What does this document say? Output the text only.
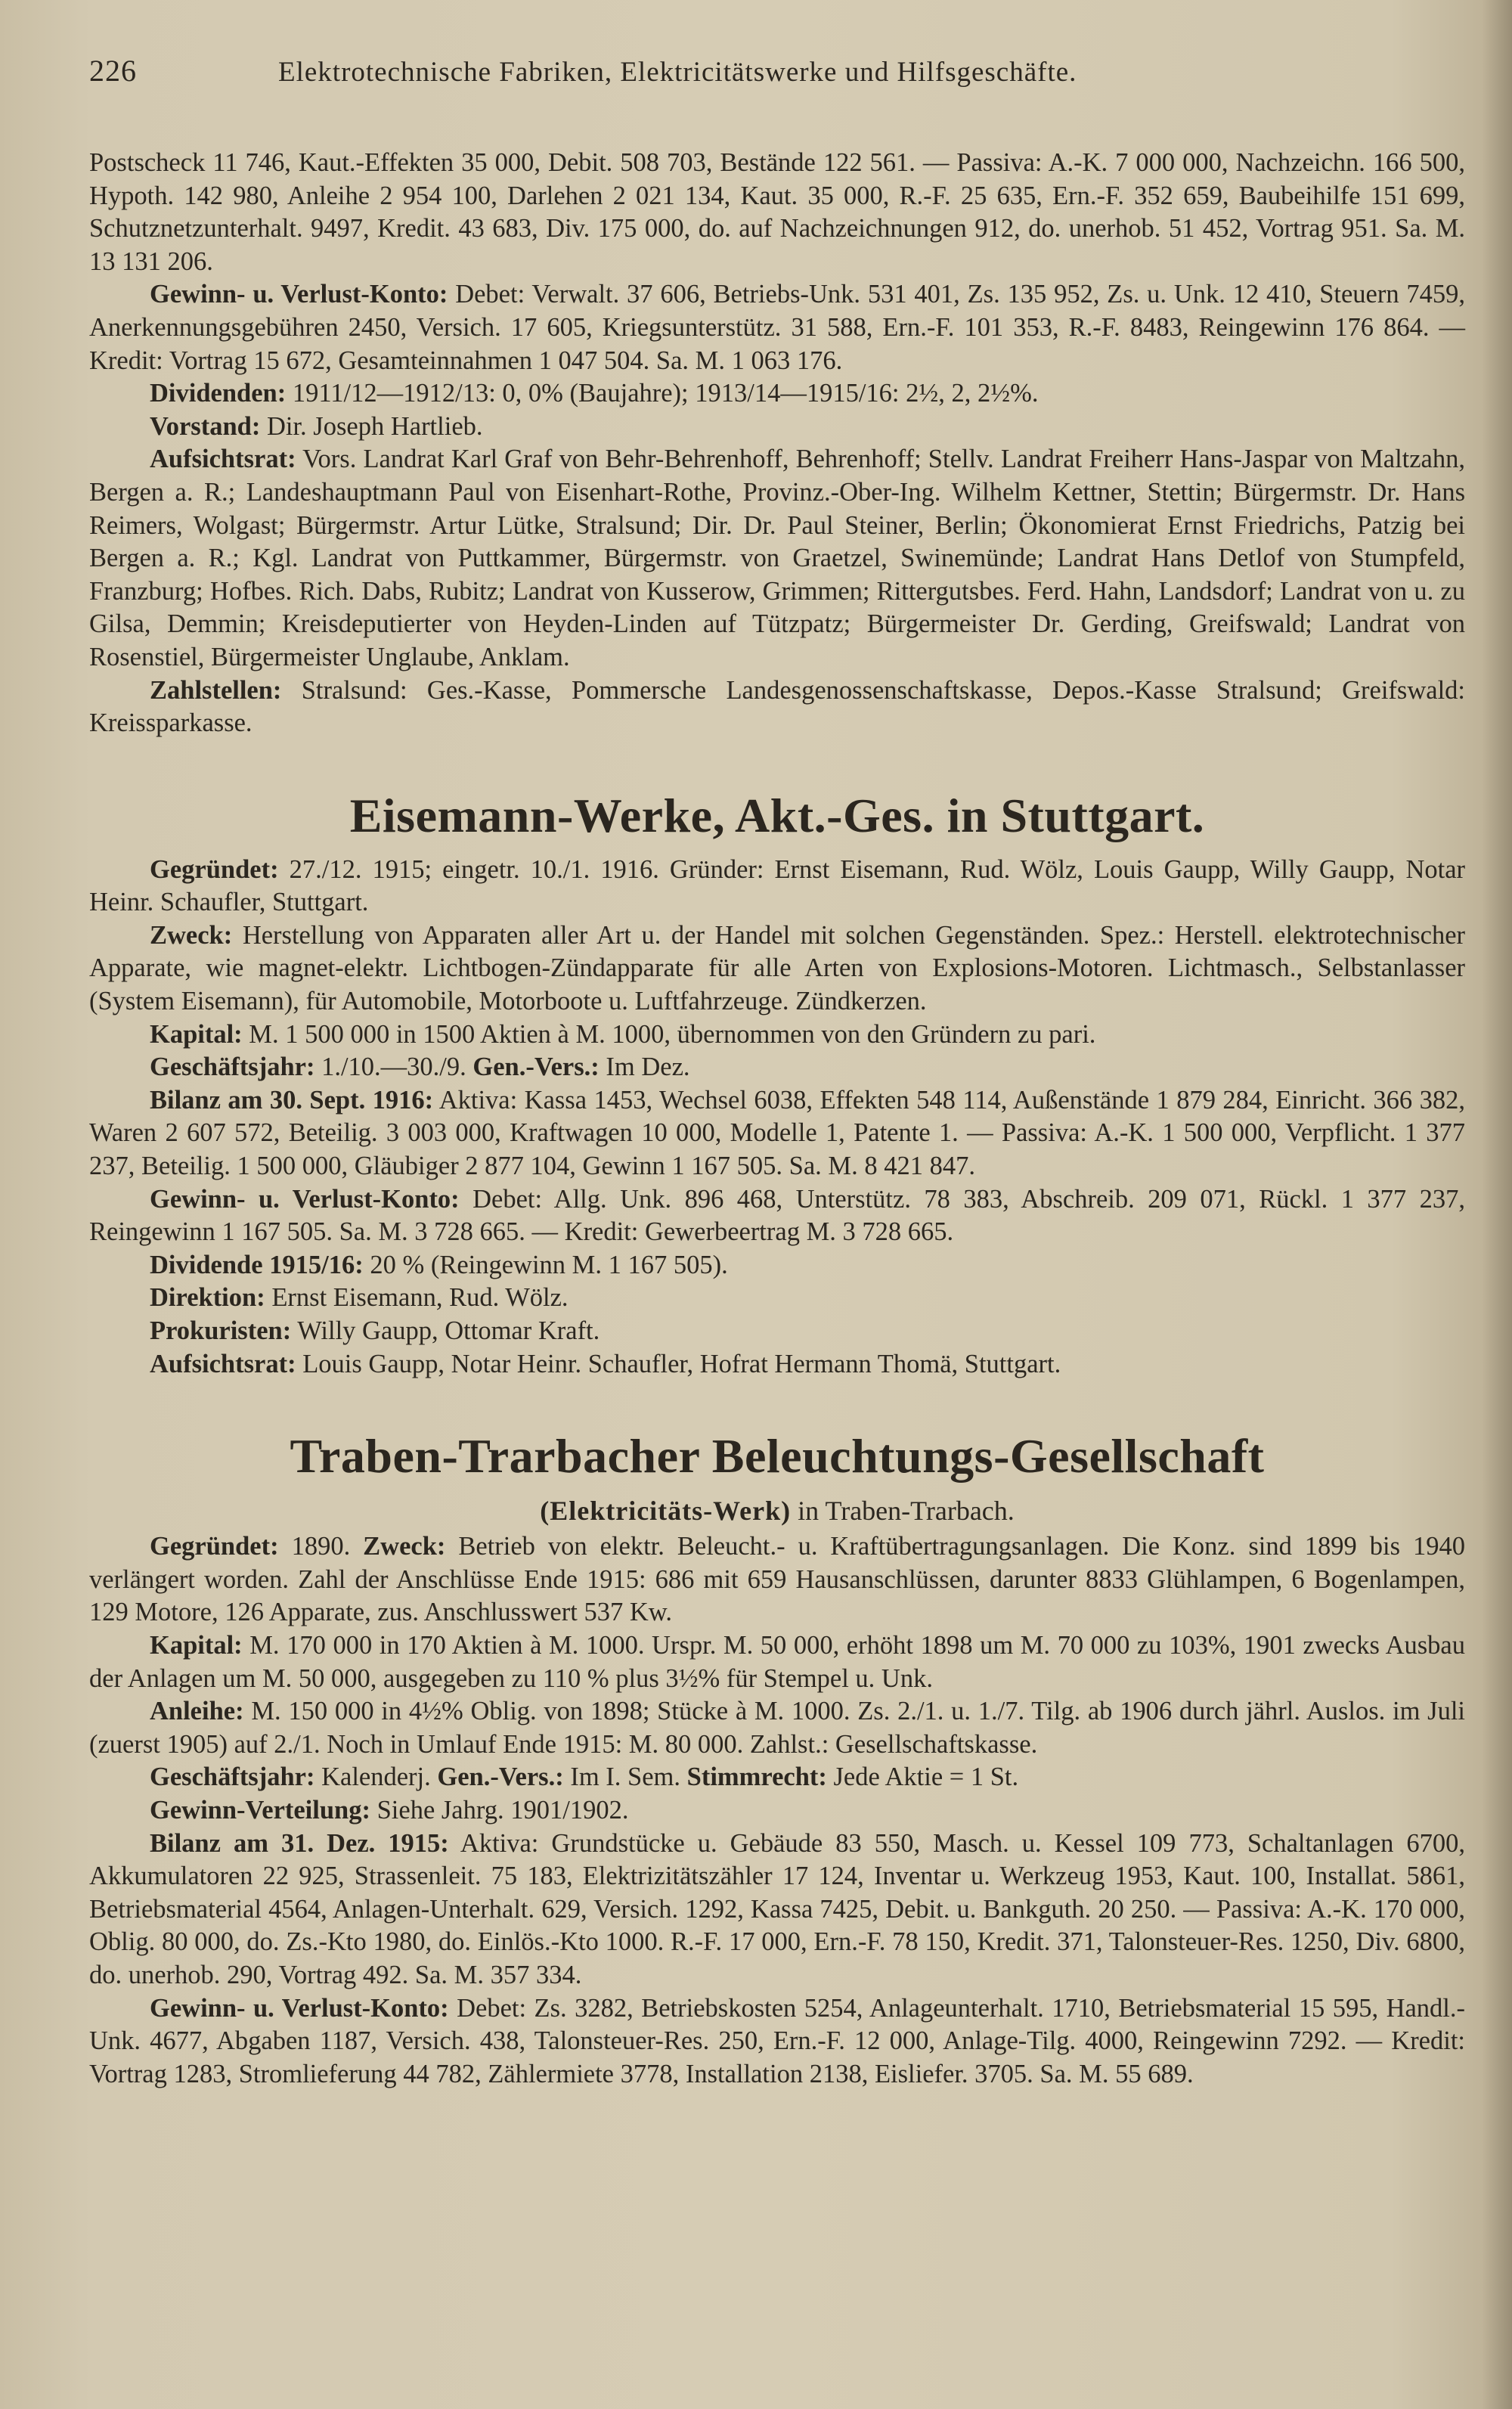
226	Elektrotechnische Fabriken, Elektricitätswerke und Hilfsgeschäfte.

Postscheck 11 746, Kaut.-Effekten 35 000, Debit. 508 703, Bestände 122 561. — Passiva: A.-K. 7 000 000, Nachzeichn. 166 500, Hypoth. 142 980, Anleihe 2 954 100, Darlehen 2 021 134, Kaut. 35 000, R.-F. 25 635, Ern.-F. 352 659, Baubeihilfe 151 699, Schutznetzunterhalt. 9497, Kredit. 43 683, Div. 175 000, do. auf Nachzeichnungen 912, do. unerhob. 51 452, Vortrag 951. Sa. M. 13 131 206.

Gewinn- u. Verlust-Konto: Debet: Verwalt. 37 606, Betriebs-Unk. 531 401, Zs. 135 952, Zs. u. Unk. 12 410, Steuern 7459, Anerkennungsgebühren 2450, Versich. 17 605, Kriegsunterstütz. 31 588, Ern.-F. 101 353, R.-F. 8483, Reingewinn 176 864. — Kredit: Vortrag 15 672, Gesamteinnahmen 1 047 504. Sa. M. 1 063 176.

Dividenden: 1911/12—1912/13: 0, 0% (Baujahre); 1913/14—1915/16: 2½, 2, 2½%.

Vorstand: Dir. Joseph Hartlieb.

Aufsichtsrat: Vors. Landrat Karl Graf von Behr-Behrenhoff, Behrenhoff; Stellv. Landrat Freiherr Hans-Jaspar von Maltzahn, Bergen a. R.; Landeshauptmann Paul von Eisenhart-Rothe, Provinz.-Ober-Ing. Wilhelm Kettner, Stettin; Bürgermstr. Dr. Hans Reimers, Wolgast; Bürgermstr. Artur Lütke, Stralsund; Dir. Dr. Paul Steiner, Berlin; Ökonomierat Ernst Friedrichs, Patzig bei Bergen a. R.; Kgl. Landrat von Puttkammer, Bürgermstr. von Graetzel, Swinemünde; Landrat Hans Detlof von Stumpfeld, Franzburg; Hofbes. Rich. Dabs, Rubitz; Landrat von Kusserow, Grimmen; Rittergutsbes. Ferd. Hahn, Landsdorf; Landrat von u. zu Gilsa, Demmin; Kreisdeputierter von Heyden-Linden auf Tützpatz; Bürgermeister Dr. Gerding, Greifswald; Landrat von Rosenstiel, Bürgermeister Unglaube, Anklam.

Zahlstellen: Stralsund: Ges.-Kasse, Pommersche Landesgenossenschaftskasse, Depos.-Kasse Stralsund; Greifswald: Kreissparkasse.

Eisemann-Werke, Akt.-Ges. in Stuttgart.

Gegründet: 27./12. 1915; eingetr. 10./1. 1916. Gründer: Ernst Eisemann, Rud. Wölz, Louis Gaupp, Willy Gaupp, Notar Heinr. Schaufler, Stuttgart.

Zweck: Herstellung von Apparaten aller Art u. der Handel mit solchen Gegenständen. Spez.: Herstell. elektrotechnischer Apparate, wie magnet-elektr. Lichtbogen-Zündapparate für alle Arten von Explosions-Motoren. Lichtmasch., Selbstanlasser (System Eisemann), für Automobile, Motorboote u. Luftfahrzeuge. Zündkerzen.

Kapital: M. 1 500 000 in 1500 Aktien à M. 1000, übernommen von den Gründern zu pari.

Geschäftsjahr: 1./10.—30./9. Gen.-Vers.: Im Dez.

Bilanz am 30. Sept. 1916: Aktiva: Kassa 1453, Wechsel 6038, Effekten 548 114, Außenstände 1 879 284, Einricht. 366 382, Waren 2 607 572, Beteilig. 3 003 000, Kraftwagen 10 000, Modelle 1, Patente 1. — Passiva: A.-K. 1 500 000, Verpflicht. 1 377 237, Beteilig. 1 500 000, Gläubiger 2 877 104, Gewinn 1 167 505. Sa. M. 8 421 847.

Gewinn- u. Verlust-Konto: Debet: Allg. Unk. 896 468, Unterstütz. 78 383, Abschreib. 209 071, Rückl. 1 377 237, Reingewinn 1 167 505. Sa. M. 3 728 665. — Kredit: Gewerbeertrag M. 3 728 665.

Dividende 1915/16: 20 % (Reingewinn M. 1 167 505).

Direktion: Ernst Eisemann, Rud. Wölz.

Prokuristen: Willy Gaupp, Ottomar Kraft.

Aufsichtsrat: Louis Gaupp, Notar Heinr. Schaufler, Hofrat Hermann Thomä, Stuttgart.

Traben-Trarbacher Beleuchtungs-Gesellschaft
(Elektricitäts-Werk) in Traben-Trarbach.

Gegründet: 1890. Zweck: Betrieb von elektr. Beleucht.- u. Kraftübertragungsanlagen. Die Konz. sind 1899 bis 1940 verlängert worden. Zahl der Anschlüsse Ende 1915: 686 mit 659 Hausanschlüssen, darunter 8833 Glühlampen, 6 Bogenlampen, 129 Motore, 126 Apparate, zus. Anschlusswert 537 Kw.

Kapital: M. 170 000 in 170 Aktien à M. 1000. Urspr. M. 50 000, erhöht 1898 um M. 70 000 zu 103%, 1901 zwecks Ausbau der Anlagen um M. 50 000, ausgegeben zu 110 % plus 3½% für Stempel u. Unk.

Anleihe: M. 150 000 in 4½% Oblig. von 1898; Stücke à M. 1000. Zs. 2./1. u. 1./7. Tilg. ab 1906 durch jährl. Auslos. im Juli (zuerst 1905) auf 2./1. Noch in Umlauf Ende 1915: M. 80 000. Zahlst.: Gesellschaftskasse.

Geschäftsjahr: Kalenderj. Gen.-Vers.: Im I. Sem. Stimmrecht: Jede Aktie = 1 St.

Gewinn-Verteilung: Siehe Jahrg. 1901/1902.

Bilanz am 31. Dez. 1915: Aktiva: Grundstücke u. Gebäude 83 550, Masch. u. Kessel 109 773, Schaltanlagen 6700, Akkumulatoren 22 925, Strassenleit. 75 183, Elektrizitätszähler 17 124, Inventar u. Werkzeug 1953, Kaut. 100, Installat. 5861, Betriebsmaterial 4564, Anlagen-Unterhalt. 629, Versich. 1292, Kassa 7425, Debit. u. Bankguth. 20 250. — Passiva: A.-K. 170 000, Oblig. 80 000, do. Zs.-Kto 1980, do. Einlös.-Kto 1000. R.-F. 17 000, Ern.-F. 78 150, Kredit. 371, Talonsteuer-Res. 1250, Div. 6800, do. unerhob. 290, Vortrag 492. Sa. M. 357 334.

Gewinn- u. Verlust-Konto: Debet: Zs. 3282, Betriebskosten 5254, Anlageunterhalt. 1710, Betriebsmaterial 15 595, Handl.-Unk. 4677, Abgaben 1187, Versich. 438, Talonsteuer-Res. 250, Ern.-F. 12 000, Anlage-Tilg. 4000, Reingewinn 7292. — Kredit: Vortrag 1283, Stromlieferung 44 782, Zählermiete 3778, Installation 2138, Eisliefer. 3705. Sa. M. 55 689.
